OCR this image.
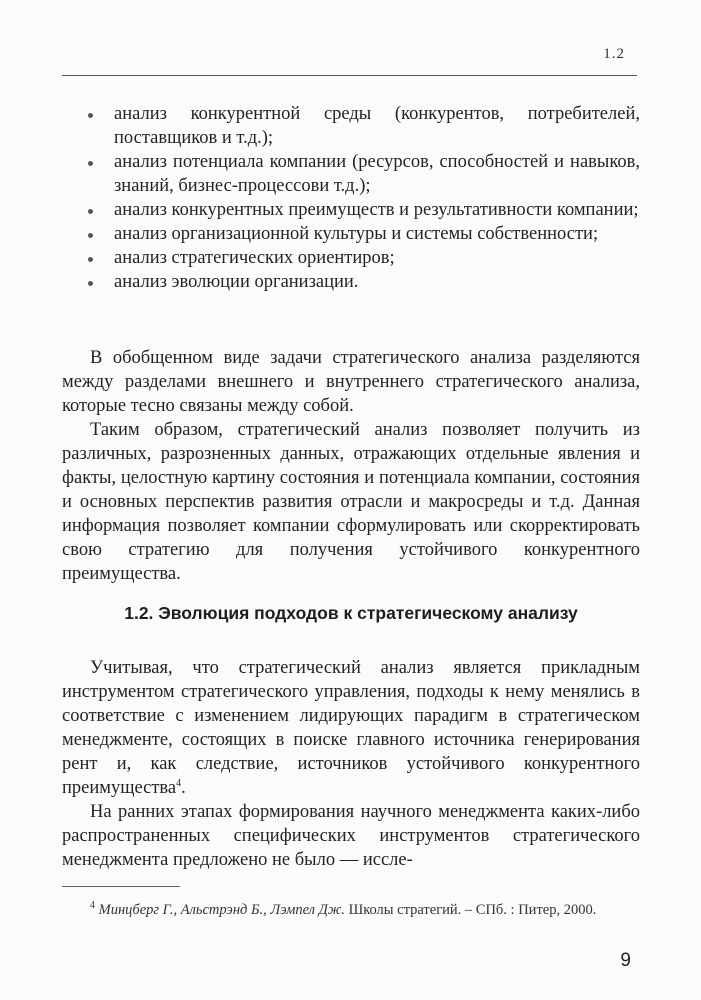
1.2
анализ конкурентной среды (конкурентов, потребителей, поставщиков и т.д.);
анализ потенциала компании (ресурсов, способностей и навыков, знаний, бизнес-процессови т.д.);
анализ конкурентных преимуществ и результативности компании;
анализ организационной культуры и системы собственности;
анализ стратегических ориентиров;
анализ эволюции организации.

В обобщенном виде задачи стратегического анализа разделяются между разделами внешнего и внутреннего стратегического анализа, которые тесно связаны между собой.

Таким образом, стратегический анализ позволяет получить из различных, разрозненных данных, отражающих отдельные явления и факты, целостную картину состояния и потенциала компании, состояния и основных перспектив развития отрасли и макросреды и т.д. Данная информация позволяет компании сформулировать или скорректировать свою стратегию для получения устойчивого конкурентного преимущества.

1.2. Эволюция подходов к стратегическому анализу

Учитывая, что стратегический анализ является прикладным инструментом стратегического управления, подходы к нему менялись в соответствие с изменением лидирующих парадигм в стратегическом менеджменте, состоящих в поиске главного источника генерирования рент и, как следствие, источников устойчивого конкурентного преимущества$^4$.

На ранних этапах формирования научного менеджмента каких-либо распространенных специфических инструментов стратегического менеджмента предложено не было — иссле-

$^4$ Минцберг Г., Альстрэнд Б., Лэмпел Дж. Школы стратегий. – СПб. : Питер, 2000.

9
